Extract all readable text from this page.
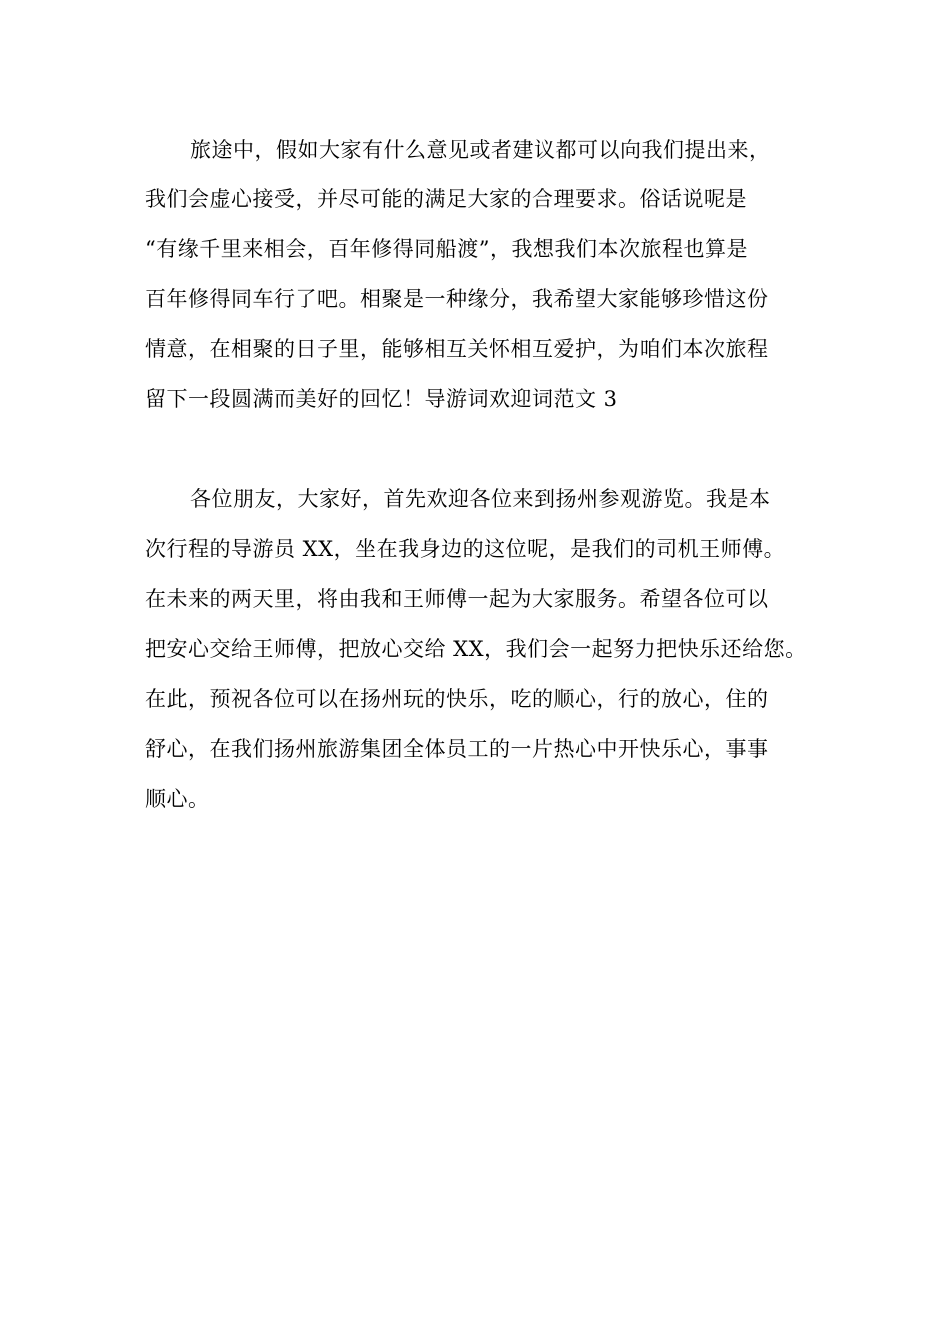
旅途中，假如大家有什么意见或者建议都可以向我们提出来，
我们会虚心接受，并尽可能的满足大家的合理要求。俗话说呢是
“有缘千里来相会，百年修得同船渡”，我想我们本次旅程也算是
百年修得同车行了吧。相聚是一种缘分，我希望大家能够珍惜这份
情意，在相聚的日子里，能够相互关怀相互爱护，为咱们本次旅程
留下一段圆满而美好的回忆！导游词欢迎词范文 3
各位朋友，大家好，首先欢迎各位来到扬州参观游览。我是本
次行程的导游员 XX，坐在我身边的这位呢，是我们的司机王师傅。
在未来的两天里，将由我和王师傅一起为大家服务。希望各位可以
把安心交给王师傅，把放心交给 XX，我们会一起努力把快乐还给您。
在此，预祝各位可以在扬州玩的快乐，吃的顺心，行的放心，住的
舒心，在我们扬州旅游集团全体员工的一片热心中开快乐心，事事
顺心。
